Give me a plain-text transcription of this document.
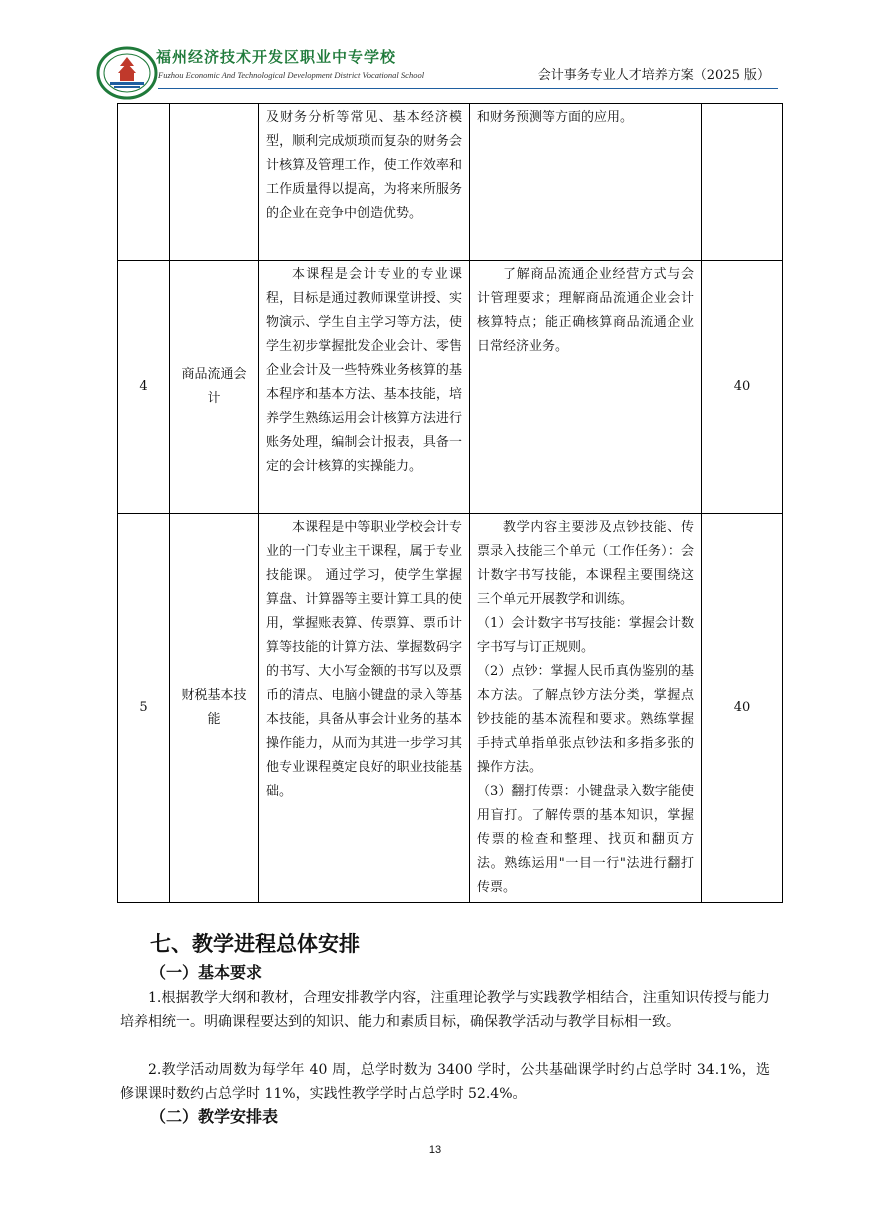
福州经济技术开发区职业中专学校
Fuzhou Economic And Technological Development District Vocational School	会计事务专业人才培养方案（2025 版）
		及财务分析等常见、基本经济模型，顺利完成烦琐而复杂的财务会计核算及管理工作，使工作效率和工作质量得以提高，为将来所服务的企业在竞争中创造优势。	和财务预测等方面的应用。	

4	商品流通会计	本课程是会计专业的专业课程，目标是通过教师课堂讲授、实物演示、学生自主学习等方法，使学生初步掌握批发企业会计、零售企业会计及一些特殊业务核算的基本程序和基本方法、基本技能，培养学生熟练运用会计核算方法进行账务处理，编制会计报表，具备一定的会计核算的实操能力。	了解商品流通企业经营方式与会计管理要求；理解商品流通企业会计核算特点；能正确核算商品流通企业日常经济业务。	40
5	财税基本技能	本课程是中等职业学校会计专业的一门专业主干课程，属于专业技能课。 通过学习，使学生掌握算盘、计算器等主要计算工具的使用，掌握账表算、传票算、票币计算等技能的计算方法、掌握数码字的书写、大小写金额的书写以及票币的清点、电脑小键盘的录入等基本技能，具备从事会计业务的基本操作能力，从而为其进一步学习其他专业课程奠定良好的职业技能基础。	教学内容主要涉及点钞技能、传票录入技能三个单元（工作任务）：会计数字书写技能，本课程主要围绕这三个单元开展教学和训练。
（1）会计数字书写技能：掌握会计数字书写与订正规则。
（2）点钞：掌握人民币真伪鉴别的基本方法。了解点钞方法分类，掌握点钞技能的基本流程和要求。熟练掌握手持式单指单张点钞法和多指多张的操作方法。
（3）翻打传票：小键盘录入数字能使用盲打。了解传票的基本知识，掌握传票的检查和整理、找页和翻页方法。熟练运用"一目一行"法进行翻打传票。	40
七、教学进程总体安排
（一）基本要求
1.根据教学大纲和教材，合理安排教学内容，注重理论教学与实践教学相结合，注重知识传授与能力培养相统一。明确课程要达到的知识、能力和素质目标，确保教学活动与教学目标相一致。
2.教学活动周数为每学年 40 周，总学时数为 3400 学时，公共基础课学时约占总学时 34.1%，选修课课时数约占总学时 11%，实践性教学学时占总学时 52.4%。
（二）教学安排表
13
